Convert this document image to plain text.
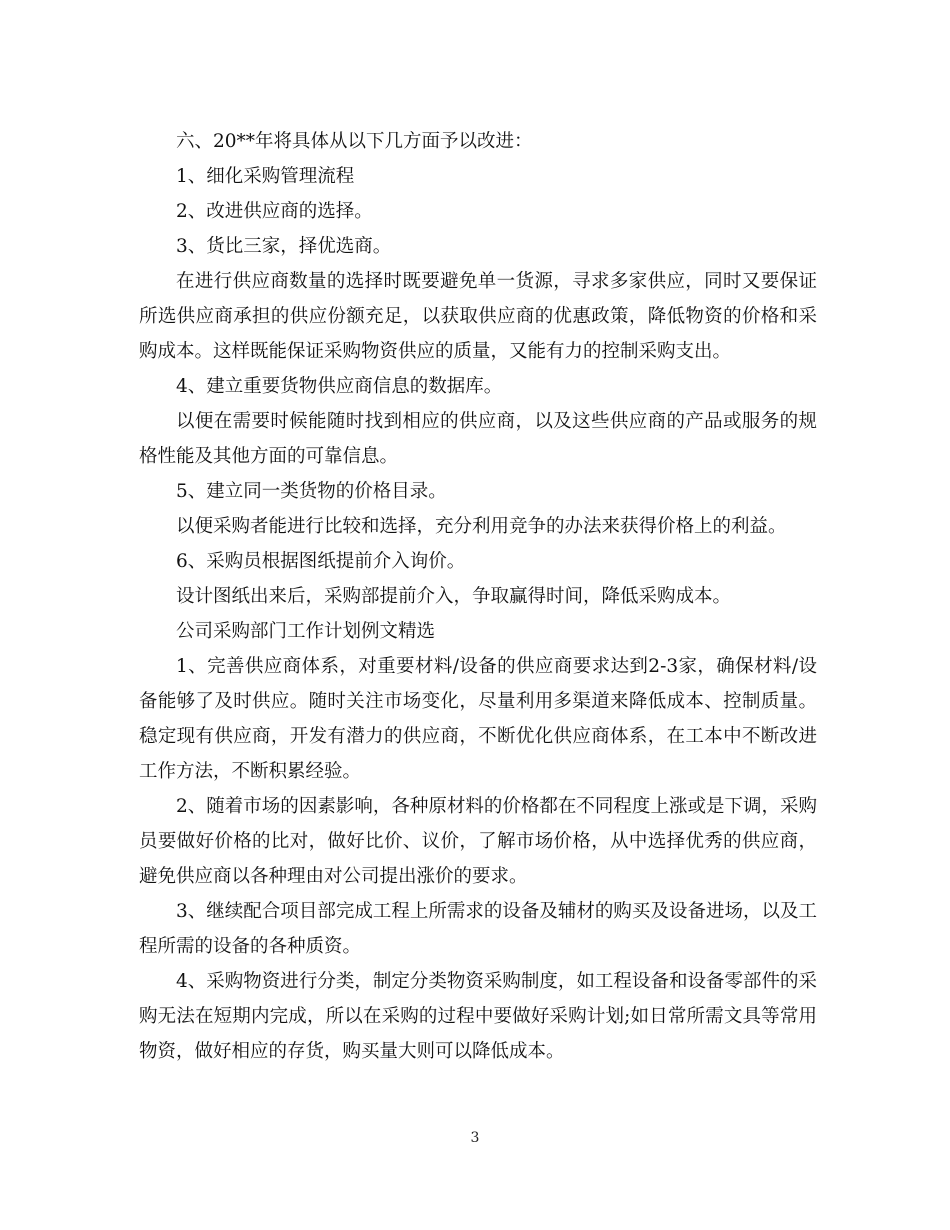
六、20**年将具体从以下几方面予以改进：

1、细化采购管理流程

2、改进供应商的选择。

3、货比三家，择优选商。

在进行供应商数量的选择时既要避免单一货源，寻求多家供应，同时又要保证所选供应商承担的供应份额充足，以获取供应商的优惠政策，降低物资的价格和采购成本。这样既能保证采购物资供应的质量，又能有力的控制采购支出。

4、建立重要货物供应商信息的数据库。

以便在需要时候能随时找到相应的供应商，以及这些供应商的产品或服务的规格性能及其他方面的可靠信息。

5、建立同一类货物的价格目录。

以便采购者能进行比较和选择，充分利用竞争的办法来获得价格上的利益。

6、采购员根据图纸提前介入询价。

设计图纸出来后，采购部提前介入，争取赢得时间，降低采购成本。

公司采购部门工作计划例文精选

1、完善供应商体系，对重要材料/设备的供应商要求达到2-3家，确保材料/设备能够了及时供应。随时关注市场变化，尽量利用多渠道来降低成本、控制质量。稳定现有供应商，开发有潜力的供应商，不断优化供应商体系，在工本中不断改进工作方法，不断积累经验。

2、随着市场的因素影响，各种原材料的价格都在不同程度上涨或是下调，采购员要做好价格的比对，做好比价、议价，了解市场价格，从中选择优秀的供应商，避免供应商以各种理由对公司提出涨价的要求。

3、继续配合项目部完成工程上所需求的设备及辅材的购买及设备进场，以及工程所需的设备的各种质资。

4、采购物资进行分类，制定分类物资采购制度，如工程设备和设备零部件的采购无法在短期内完成，所以在采购的过程中要做好采购计划;如日常所需文具等常用物资，做好相应的存货，购买量大则可以降低成本。

3
